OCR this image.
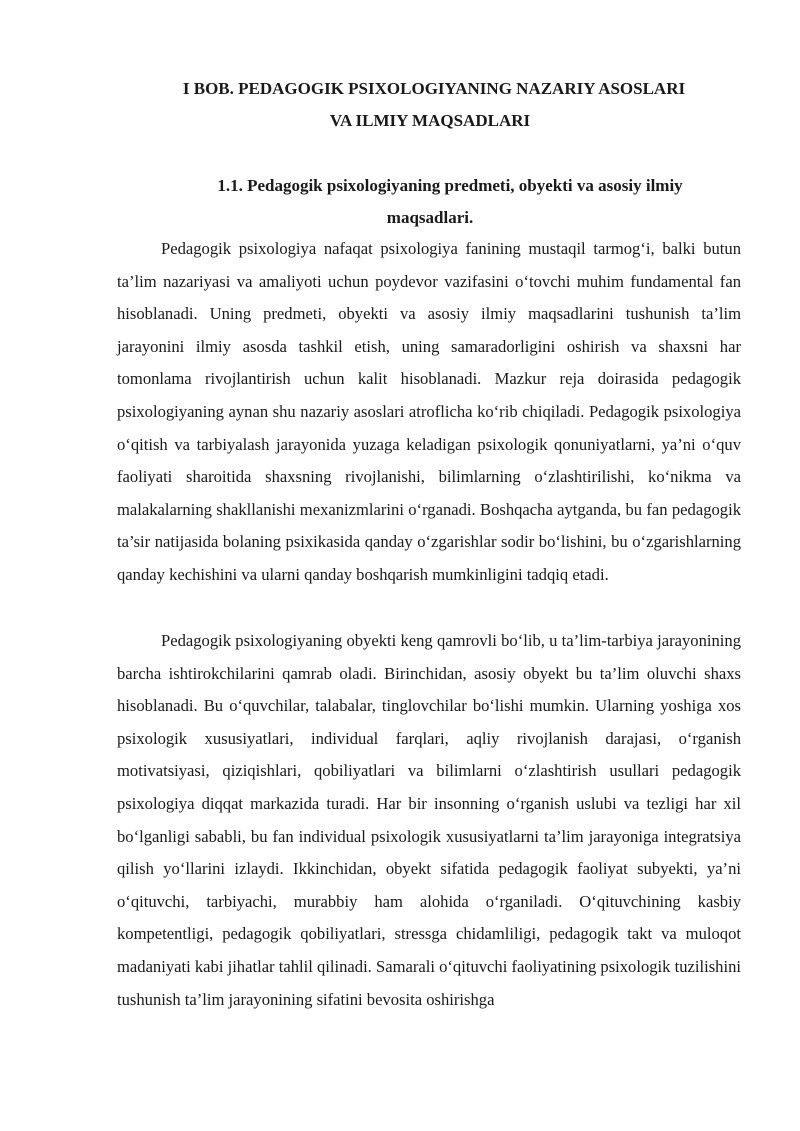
I BOB. PEDAGOGIK PSIXOLOGIYANING NAZARIY ASOSLARI
VA ILMIY MAQSADLARI
1.1. Pedagogik psixologiyaning predmeti, obyekti va asosiy ilmiy
maqsadlari.

Pedagogik psixologiya nafaqat psixologiya fanining mustaqil tarmog‘i, balki butun ta’lim nazariyasi va amaliyoti uchun poydevor vazifasini o‘tovchi muhim fundamental fan hisoblanadi. Uning predmeti, obyekti va asosiy ilmiy maqsadlarini tushunish ta’lim jarayonini ilmiy asosda tashkil etish, uning samaradorligini oshirish va shaxsni har tomonlama rivojlantirish uchun kalit hisoblanadi. Mazkur reja doirasida pedagogik psixologiyaning aynan shu nazariy asoslari atroflicha ko‘rib chiqiladi. Pedagogik psixologiya o‘qitish va tarbiyalash jarayonida yuzaga keladigan psixologik qonuniyatlarni, ya’ni o‘quv faoliyati sharoitida shaxsning rivojlanishi, bilimlarning o‘zlashtirilishi, ko‘nikma va malakalarning shakllanishi mexanizmlarini o‘rganadi. Boshqacha aytganda, bu fan pedagogik ta’sir natijasida bolaning psixikasida qanday o‘zgarishlar sodir bo‘lishini, bu o‘zgarishlarning qanday kechishini va ularni qanday boshqarish mumkinligini tadqiq etadi.

Pedagogik psixologiyaning obyekti keng qamrovli bo‘lib, u ta’lim-tarbiya jarayonining barcha ishtirokchilarini qamrab oladi. Birinchidan, asosiy obyekt bu ta’lim oluvchi shaxs hisoblanadi. Bu o‘quvchilar, talabalar, tinglovchilar bo‘lishi mumkin. Ularning yoshiga xos psixologik xususiyatlari, individual farqlari, aqliy rivojlanish darajasi, o‘rganish motivatsiyasi, qiziqishlari, qobiliyatlari va bilimlarni o‘zlashtirish usullari pedagogik psixologiya diqqat markazida turadi. Har bir insonning o‘rganish uslubi va tezligi har xil bo‘lganligi sababli, bu fan individual psixologik xususiyatlarni ta’lim jarayoniga integratsiya qilish yo‘llarini izlaydi. Ikkinchidan, obyekt sifatida pedagogik faoliyat subyekti, ya’ni o‘qituvchi, tarbiyachi, murabbiy ham alohida o‘rganiladi. O‘qituvchining kasbiy kompetentligi, pedagogik qobiliyatlari, stressga chidamliligi, pedagogik takt va muloqot madaniyati kabi jihatlar tahlil qilinadi. Samarali o‘qituvchi faoliyatining psixologik tuzilishini tushunish ta’lim jarayonining sifatini bevosita oshirishga
